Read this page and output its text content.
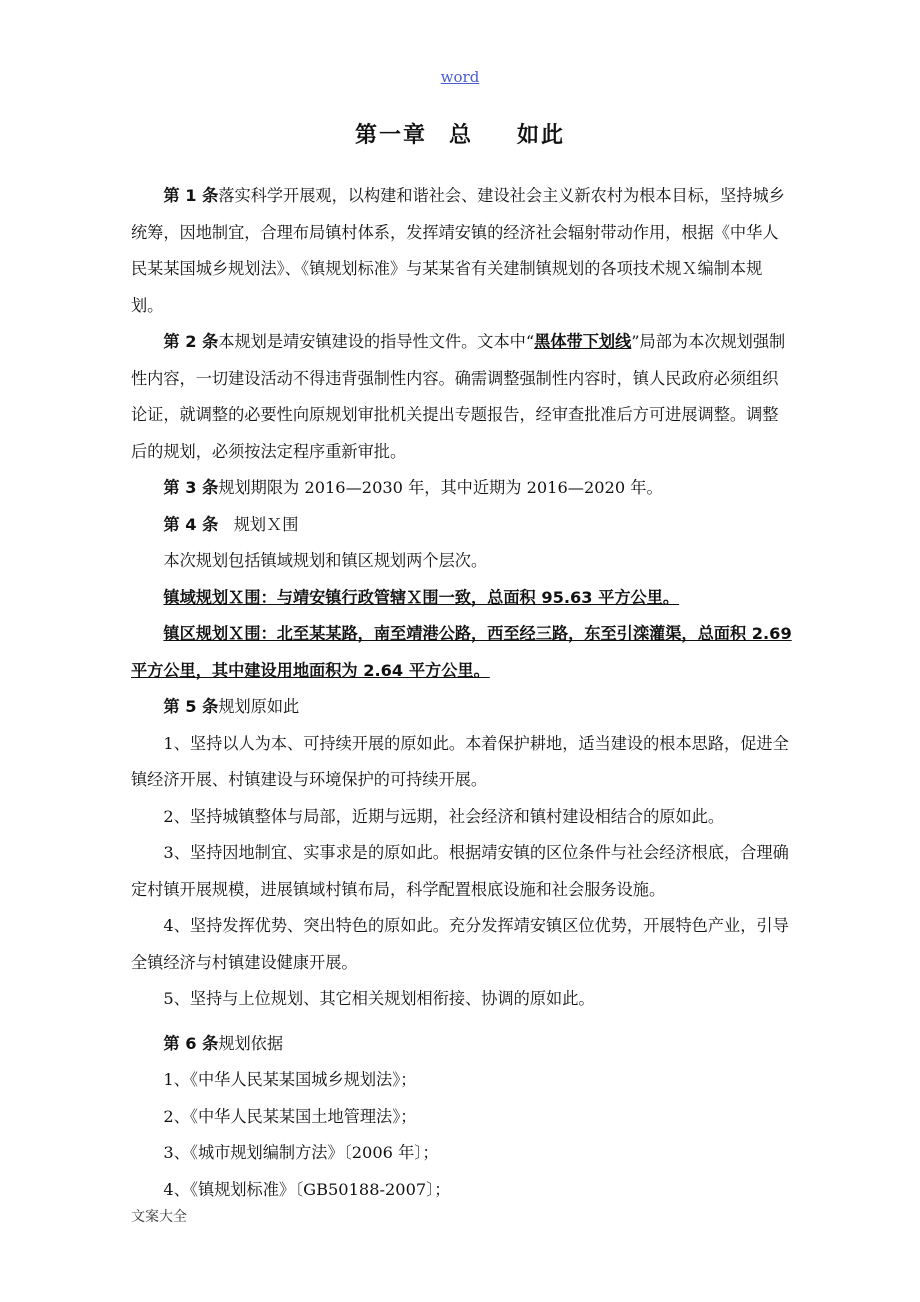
word
第一章 总 如此

第 1 条落实科学开展观，以构建和谐社会、建设社会主义新农村为根本目标，坚持城乡统筹，因地制宜，合理布局镇村体系，发挥靖安镇的经济社会辐射带动作用，根据《中华人民某某国城乡规划法》、《镇规划标准》与某某省有关建制镇规划的各项技术规Ｘ编制本规划。

第 2 条本规划是靖安镇建设的指导性文件。文本中“黑体带下划线”局部为本次规划强制性内容，一切建设活动不得违背强制性内容。确需调整强制性内容时，镇人民政府必须组织论证，就调整的必要性向原规划审批机关提出专题报告，经审查批准后方可进展调整。调整后的规划，必须按法定程序重新审批。

第 3 条规划期限为 2016—2030 年，其中近期为 2016—2020 年。

第 4 条 规划Ｘ围

本次规划包括镇域规划和镇区规划两个层次。

镇域规划Ｘ围：与靖安镇行政管辖Ｘ围一致，总面积 95.63 平方公里。

镇区规划Ｘ围：北至某某路，南至靖港公路，西至经三路，东至引滦灌渠，总面积 2.69 平方公里，其中建设用地面积为 2.64 平方公里。

第 5 条规划原如此

1、坚持以人为本、可持续开展的原如此。本着保护耕地，适当建设的根本思路，促进全镇经济开展、村镇建设与环境保护的可持续开展。

2、坚持城镇整体与局部，近期与远期，社会经济和镇村建设相结合的原如此。

3、坚持因地制宜、实事求是的原如此。根据靖安镇的区位条件与社会经济根底，合理确定村镇开展规模，进展镇域村镇布局，科学配置根底设施和社会服务设施。

4、坚持发挥优势、突出特色的原如此。充分发挥靖安镇区位优势，开展特色产业，引导全镇经济与村镇建设健康开展。

5、坚持与上位规划、其它相关规划相衔接、协调的原如此。

第 6 条规划依据

1、《中华人民某某国城乡规划法》；

2、《中华人民某某国土地管理法》；

3、《城市规划编制方法》〔2006 年〕；

4、《镇规划标准》〔GB50188-2007〕；

文案大全
